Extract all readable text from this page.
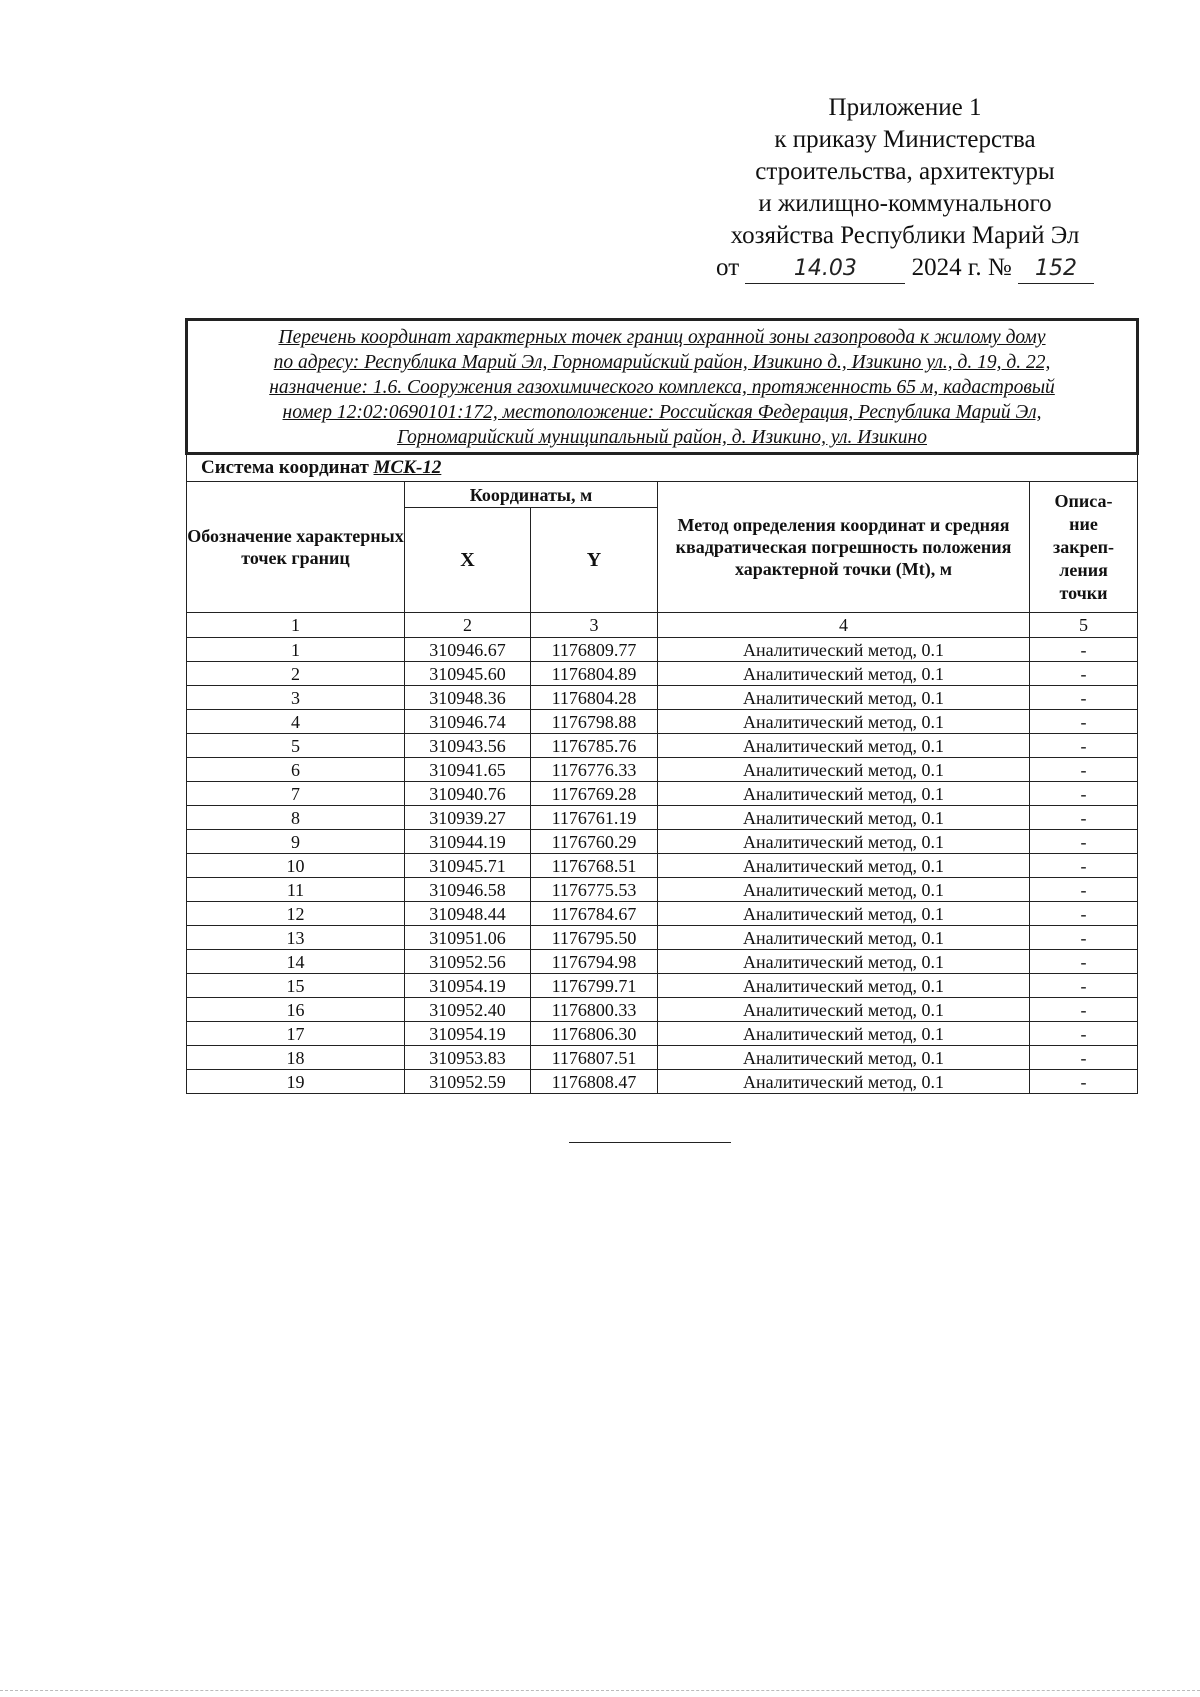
Приложение 1
к приказу Министерства
строительства, архитектуры
и жилищно-коммунального
хозяйства Республики Марий Эл
от 14.03 2024 г. № 152
Перечень координат характерных точек границ охранной зоны газопровода к жилому дому
по адресу: Республика Марий Эл, Горномарийский район, Изикино д., Изикино ул., д. 19, д. 22,
назначение: 1.6. Сооружения газохимического комплекса, протяженность 65 м, кадастровый
номер 12:02:0690101:172, местоположение: Российская Федерация, Республика Марий Эл,
Горномарийский муниципальный район, д. Изикино, ул. Изикино				

Система координат МСК-12				
Обозначение характерных точек границ	Координаты, м		Метод определения координат и средняя квадратическая погрешность положения характерной точки (Mt), м	Описа-
ние
закреп-
ления
точки

	X	Y		
1	2	3	4	5
1	310946.67	1176809.77	Аналитический метод, 0.1	-
2	310945.60	1176804.89	Аналитический метод, 0.1	-
3	310948.36	1176804.28	Аналитический метод, 0.1	-
4	310946.74	1176798.88	Аналитический метод, 0.1	-
5	310943.56	1176785.76	Аналитический метод, 0.1	-
6	310941.65	1176776.33	Аналитический метод, 0.1	-
7	310940.76	1176769.28	Аналитический метод, 0.1	-
8	310939.27	1176761.19	Аналитический метод, 0.1	-
9	310944.19	1176760.29	Аналитический метод, 0.1	-
10	310945.71	1176768.51	Аналитический метод, 0.1	-
11	310946.58	1176775.53	Аналитический метод, 0.1	-
12	310948.44	1176784.67	Аналитический метод, 0.1	-
13	310951.06	1176795.50	Аналитический метод, 0.1	-
14	310952.56	1176794.98	Аналитический метод, 0.1	-
15	310954.19	1176799.71	Аналитический метод, 0.1	-
16	310952.40	1176800.33	Аналитический метод, 0.1	-
17	310954.19	1176806.30	Аналитический метод, 0.1	-
18	310953.83	1176807.51	Аналитический метод, 0.1	-
19	310952.59	1176808.47	Аналитический метод, 0.1	-
